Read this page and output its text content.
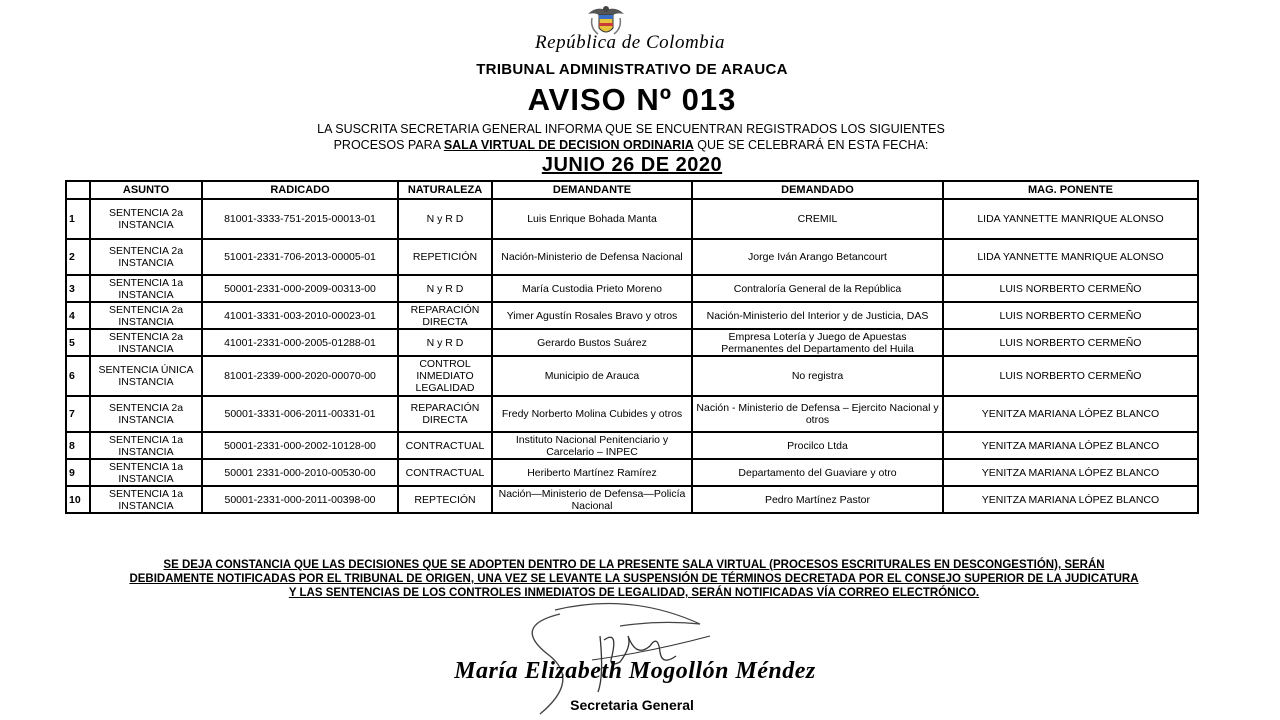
República de Colombia
TRIBUNAL ADMINISTRATIVO DE ARAUCA
AVISO Nº 013
LA SUSCRITA SECRETARIA GENERAL INFORMA QUE SE ENCUENTRAN REGISTRADOS LOS SIGUIENTES
PROCESOS PARA SALA VIRTUAL DE DECISION ORDINARIA QUE SE CELEBRARÁ EN ESTA FECHA:
JUNIO 26 DE 2020
	ASUNTO	RADICADO	NATURALEZA	DEMANDANTE	DEMANDADO	MAG. PONENTE
1	SENTENCIA 2a INSTANCIA	81001-3333-751-2015-00013-01	N y R D	Luis Enrique Bohada Manta	CREMIL	LIDA YANNETTE MANRIQUE ALONSO
2	SENTENCIA 2a INSTANCIA	51001-2331-706-2013-00005-01	REPETICIÓN	Nación-Ministerio de Defensa Nacional	Jorge Iván Arango Betancourt	LIDA YANNETTE MANRIQUE ALONSO
3	SENTENCIA 1a INSTANCIA	50001-2331-000-2009-00313-00	N y R D	María Custodia Prieto Moreno	Contraloría General de la República	LUIS NORBERTO CERMEÑO
4	SENTENCIA 2a INSTANCIA	41001-3331-003-2010-00023-01	REPARACIÓN DIRECTA	Yimer Agustín Rosales Bravo y otros	Nación-Ministerio del Interior y de Justicia, DAS	LUIS NORBERTO CERMEÑO
5	SENTENCIA 2a INSTANCIA	41001-2331-000-2005-01288-01	N y R D	Gerardo Bustos Suárez	Empresa Lotería y Juego de Apuestas Permanentes del Departamento del Huila	LUIS NORBERTO CERMEÑO
6	SENTENCIA ÚNICA INSTANCIA	81001-2339-000-2020-00070-00	CONTROL INMEDIATO LEGALIDAD	Municipio de Arauca	No registra	LUIS NORBERTO CERMEÑO
7	SENTENCIA 2a INSTANCIA	50001-3331-006-2011-00331-01	REPARACIÓN DIRECTA	Fredy Norberto Molina Cubides y otros	Nación - Ministerio de Defensa – Ejercito Nacional y otros	YENITZA MARIANA LÓPEZ BLANCO
8	SENTENCIA 1a INSTANCIA	50001-2331-000-2002-10128-00	CONTRACTUAL	Instituto Nacional Penitenciario y Carcelario – INPEC	Procilco Ltda	YENITZA MARIANA LÓPEZ BLANCO
9	SENTENCIA 1a INSTANCIA	50001 2331-000-2010-00530-00	CONTRACTUAL	Heriberto Martínez Ramírez	Departamento del Guaviare y otro	YENITZA MARIANA LÓPEZ BLANCO
10	SENTENCIA 1a INSTANCIA	50001-2331-000-2011-00398-00	REPTECIÓN	Nación—Ministerio de Defensa—Policía Nacional	Pedro Martínez Pastor	YENITZA MARIANA LÓPEZ BLANCO
SE DEJA CONSTANCIA QUE LAS DECISIONES QUE SE ADOPTEN DENTRO DE LA PRESENTE SALA VIRTUAL (PROCESOS ESCRITURALES EN DESCONGESTIÓN), SERÁN
DEBIDAMENTE NOTIFICADAS POR EL TRIBUNAL DE ORIGEN, UNA VEZ SE LEVANTE LA SUSPENSIÓN DE TÉRMINOS DECRETADA POR EL CONSEJO SUPERIOR DE LA JUDICATURA
Y LAS SENTENCIAS DE LOS CONTROLES INMEDIATOS DE LEGALIDAD, SERÁN NOTIFICADAS VÍA CORREO ELECTRÓNICO.
María Elizabeth Mogollón Méndez
Secretaria General
